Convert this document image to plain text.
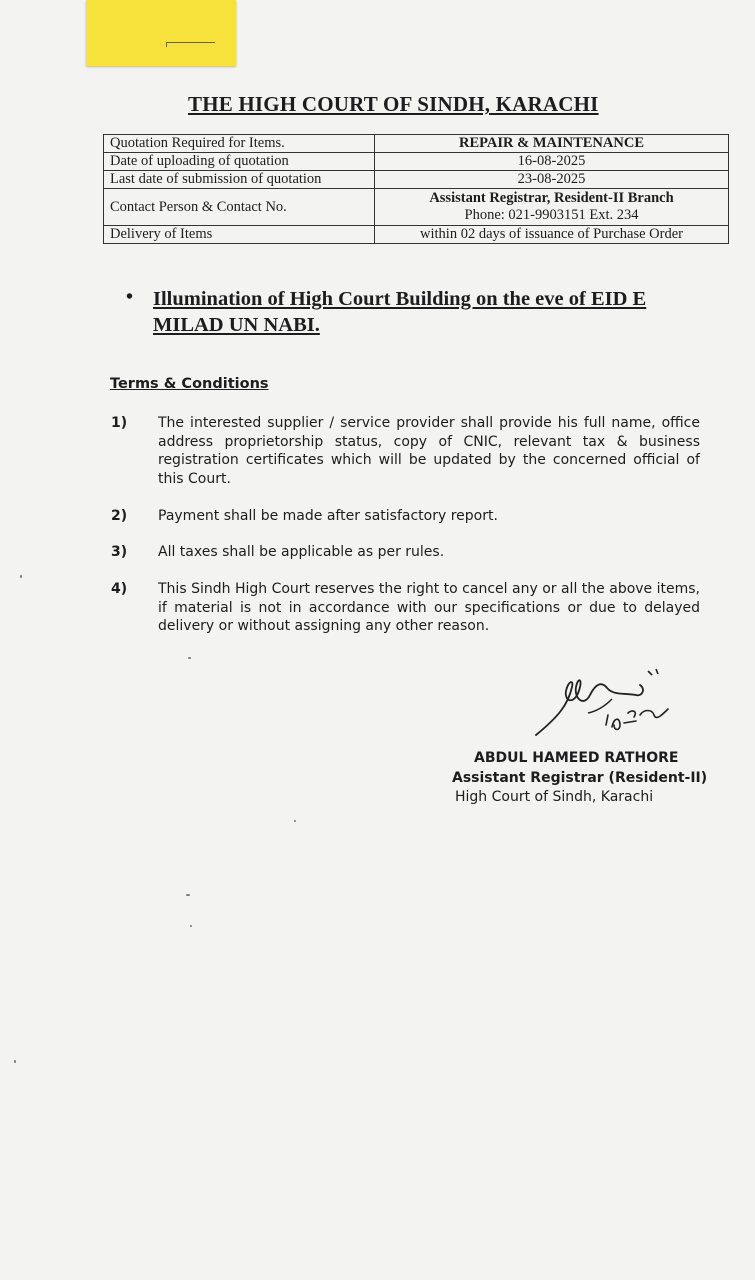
THE HIGH COURT OF SINDH, KARACHI
Quotation Required for Items.	REPAIR & MAINTENANCE
Date of uploading of quotation	16-08-2025
Last date of submission of quotation	23-08-2025
Contact Person & Contact No.	Assistant Registrar, Resident-II Branch
Phone: 021-9903151 Ext. 234

Delivery of Items	within 02 days of issuance of Purchase Order
• Illumination of High Court Building on the eve of EID E MILAD UN NABI.
Terms & Conditions
1) The interested supplier / service provider shall provide his full name, office address proprietorship status, copy of CNIC, relevant tax & business registration certificates which will be updated by the concerned official of this Court.
2) Payment shall be made after satisfactory report.
3) All taxes shall be applicable as per rules.
4) This Sindh High Court reserves the right to cancel any or all the above items, if material is not in accordance with our specifications or due to delayed delivery or without assigning any other reason.
ABDUL HAMEED RATHORE
Assistant Registrar (Resident-II)
High Court of Sindh, Karachi
